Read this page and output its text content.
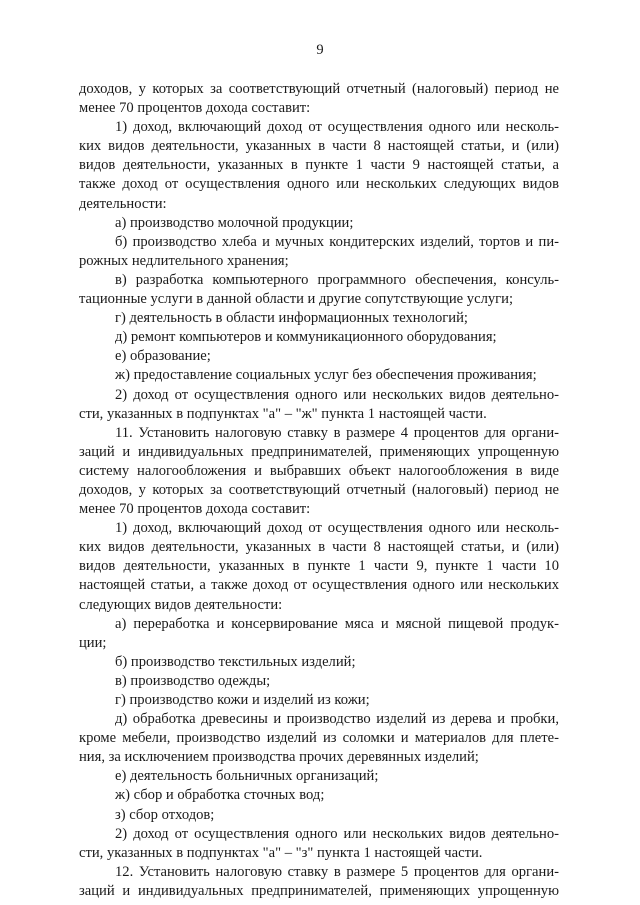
9

доходов, у которых за соответствующий отчетный (налоговый) период не

менее 70 процентов дохода составит:

1) доход, включающий доход от осуществления одного или несколь-

ких видов деятельности, указанных в части 8 настоящей статьи, и (или)

видов деятельности, указанных в пункте 1 части 9 настоящей статьи, а

также доход от осуществления одного или нескольких следующих видов

деятельности:

а) производство молочной продукции;

б) производство хлеба и мучных кондитерских изделий, тортов и пи-

рожных недлительного хранения;

в) разработка компьютерного программного обеспечения, консуль-

тационные услуги в данной области и другие сопутствующие услуги;

г) деятельность в области информационных технологий;

д) ремонт компьютеров и коммуникационного оборудования;

е) образование;

ж) предоставление социальных услуг без обеспечения проживания;

2) доход от осуществления одного или нескольких видов деятельно-

сти, указанных в подпунктах "а" – "ж" пункта 1 настоящей части.

11. Установить налоговую ставку в размере 4 процентов для органи-

заций и индивидуальных предпринимателей, применяющих упрощенную

систему налогообложения и выбравших объект налогообложения в виде

доходов, у которых за соответствующий отчетный (налоговый) период не

менее 70 процентов дохода составит:

1) доход, включающий доход от осуществления одного или несколь-

ких видов деятельности, указанных в части 8 настоящей статьи, и (или)

видов деятельности, указанных в пункте 1 части 9, пункте 1 части 10

настоящей статьи, а также доход от осуществления одного или нескольких

следующих видов деятельности:

а) переработка и консервирование мяса и мясной пищевой продук-

ции;

б) производство текстильных изделий;

в) производство одежды;

г) производство кожи и изделий из кожи;

д) обработка древесины и производство изделий из дерева и пробки,

кроме мебели, производство изделий из соломки и материалов для плете-

ния, за исключением производства прочих деревянных изделий;

е) деятельность больничных организаций;

ж) сбор и обработка сточных вод;

з) сбор отходов;

2) доход от осуществления одного или нескольких видов деятельно-

сти, указанных в подпунктах "а" – "з" пункта 1 настоящей части.

12. Установить налоговую ставку в размере 5 процентов для органи-

заций и индивидуальных предпринимателей, применяющих упрощенную
